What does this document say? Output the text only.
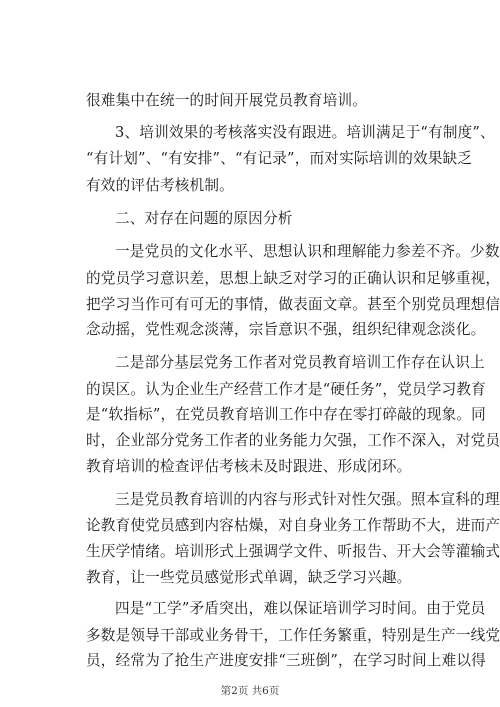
很难集中在统一的时间开展党员教育培训。
3、培训效果的考核落实没有跟进。培训满足于“有制度”、
“有计划”、“有安排”、“有记录”，而对实际培训的效果缺乏
有效的评估考核机制。
二、对存在问题的原因分析
一是党员的文化水平、思想认识和理解能力参差不齐。少数
的党员学习意识差，思想上缺乏对学习的正确认识和足够重视，
把学习当作可有可无的事情，做表面文章。甚至个别党员理想信
念动摇，党性观念淡薄，宗旨意识不强，组织纪律观念淡化。
二是部分基层党务工作者对党员教育培训工作存在认识上
的误区。认为企业生产经营工作才是“硬任务”，党员学习教育
是“软指标”，在党员教育培训工作中存在零打碎敲的现象。同
时，企业部分党务工作者的业务能力欠强，工作不深入，对党员
教育培训的检查评估考核未及时跟进、形成闭环。
三是党员教育培训的内容与形式针对性欠强。照本宣科的理
论教育使党员感到内容枯燥，对自身业务工作帮助不大，进而产
生厌学情绪。培训形式上强调学文件、听报告、开大会等灌输式
教育，让一些党员感觉形式单调，缺乏学习兴趣。
四是“工学”矛盾突出，难以保证培训学习时间。由于党员
多数是领导干部或业务骨干，工作任务繁重，特别是生产一线党
员，经常为了抢生产进度安排“三班倒”，在学习时间上难以得
第2页 共6页
